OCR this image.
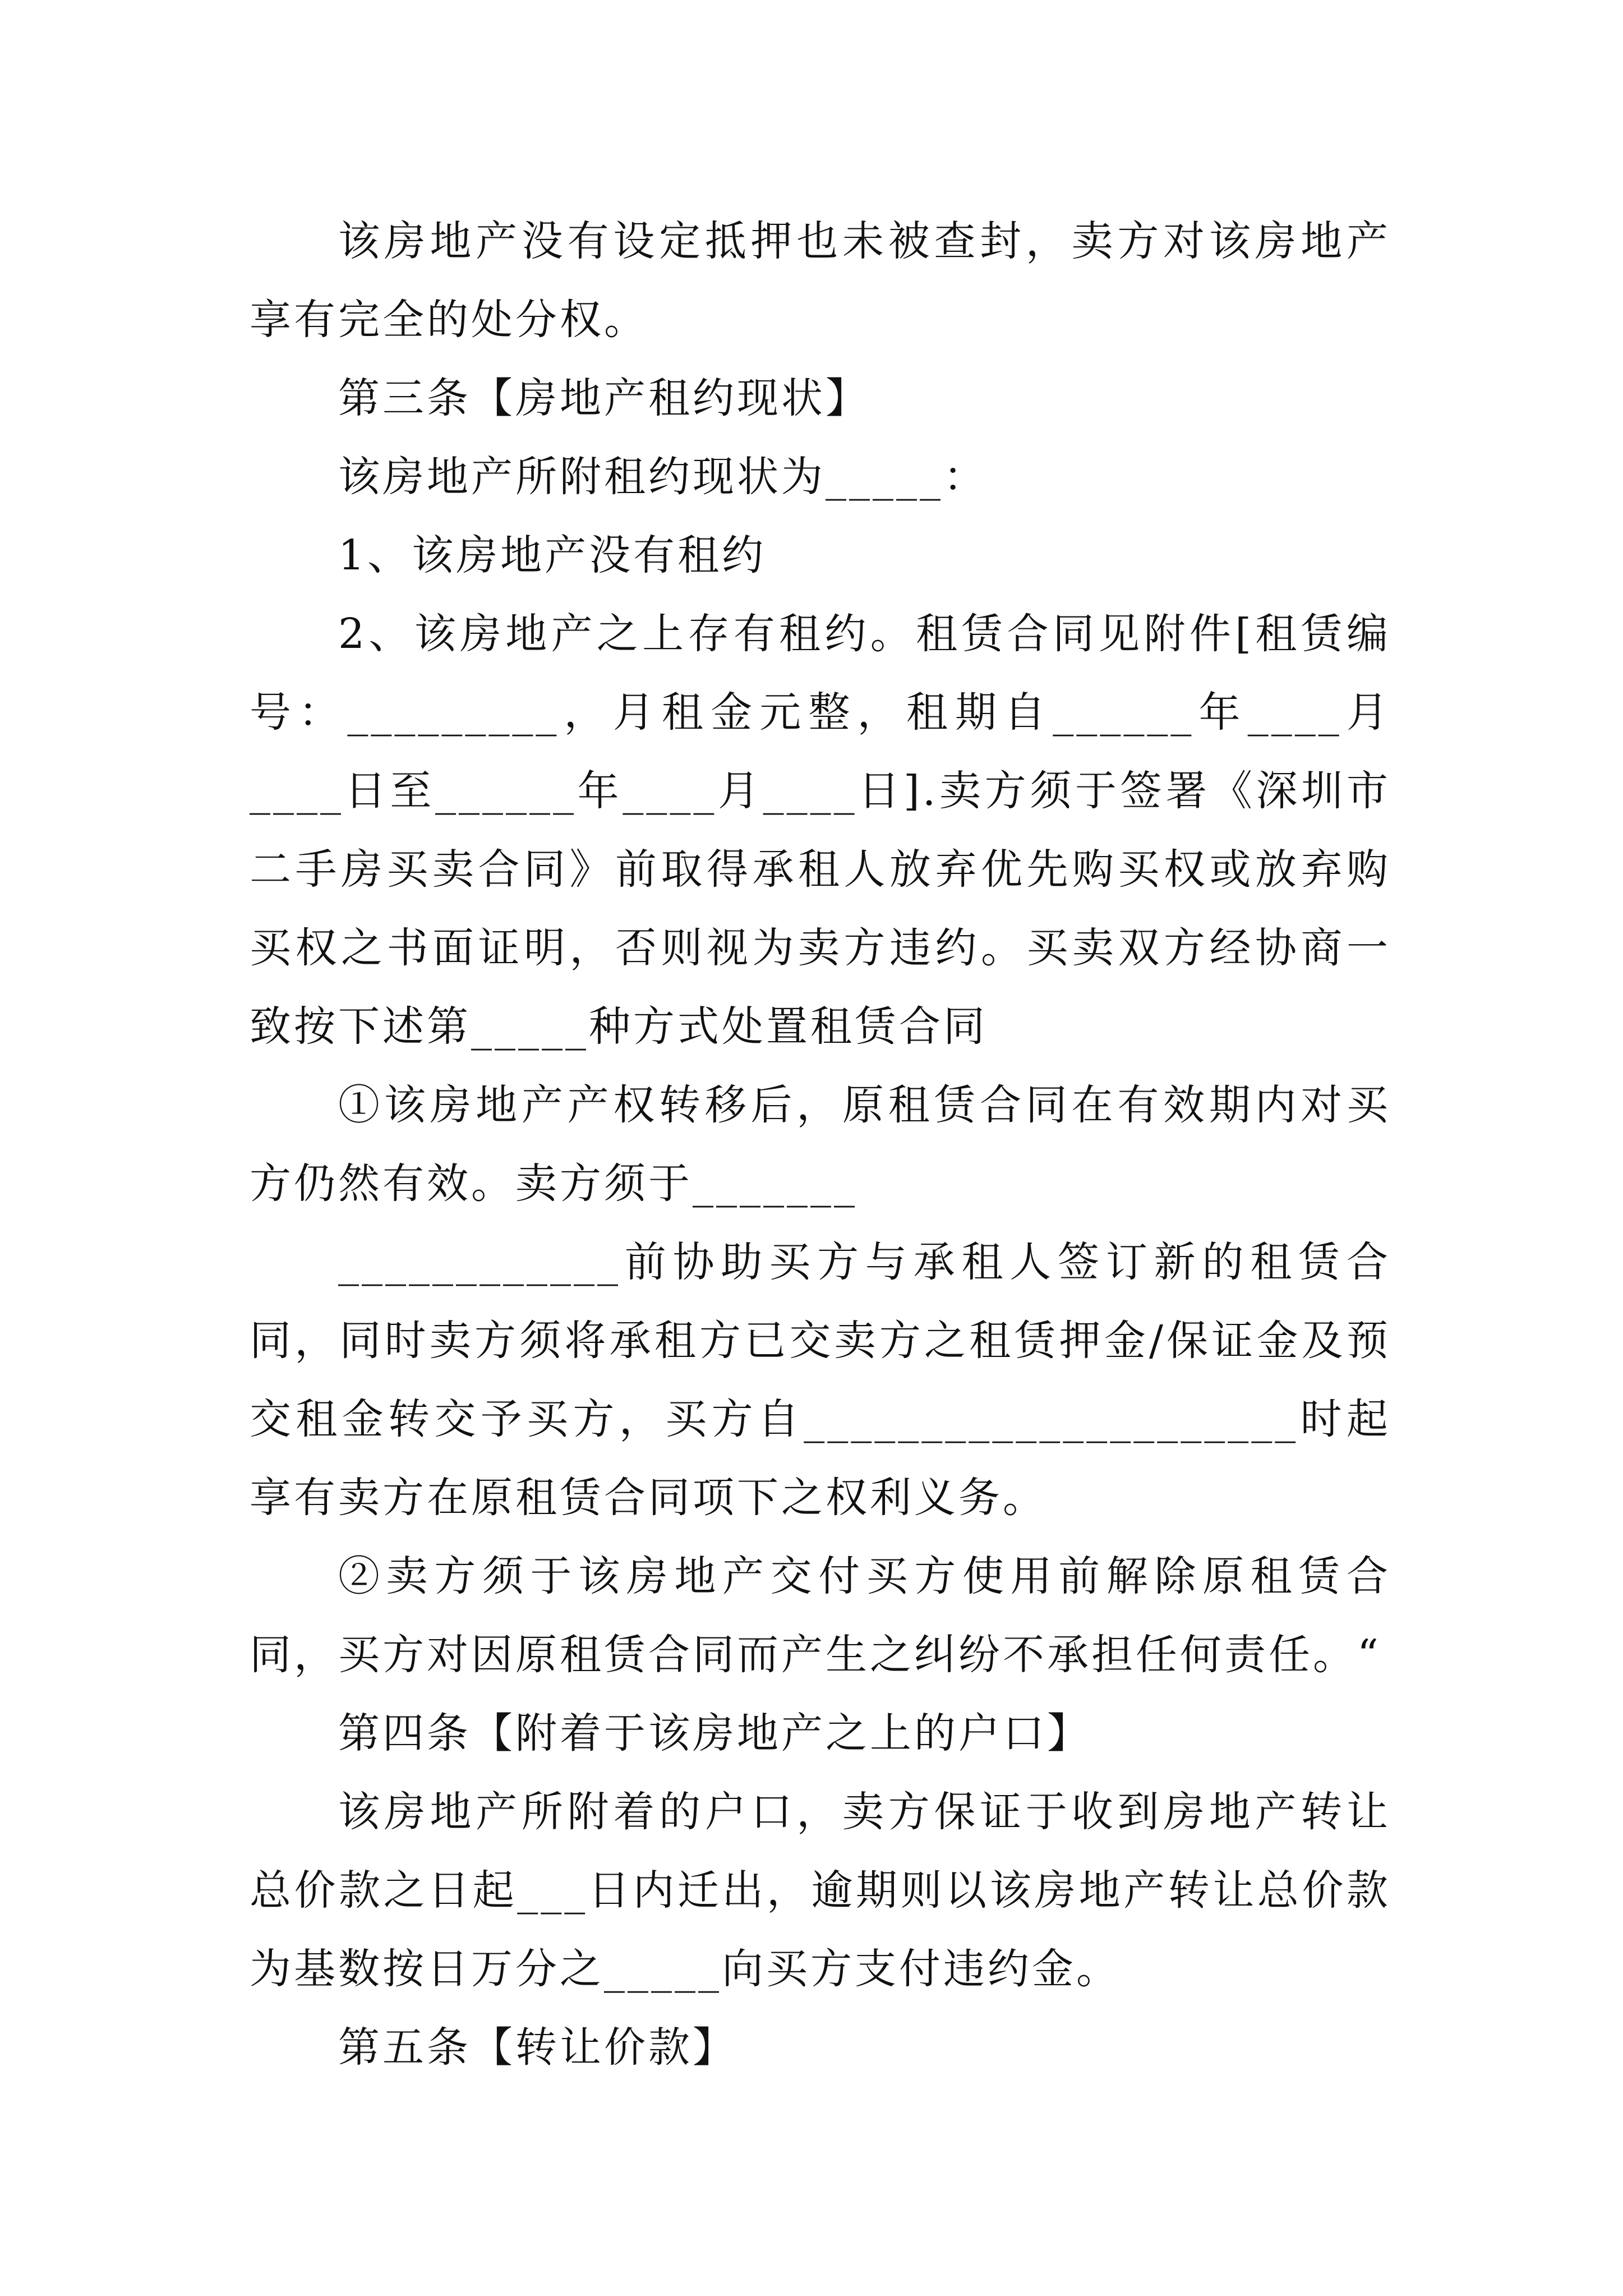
该房地产没有设定抵押也未被查封，卖方对该房地产享有完全的处分权。

第三条【房地产租约现状】

该房地产所附租约现状为_____：

1、该房地产没有租约

2、该房地产之上存有租约。租赁合同见附件[租赁编号：_________，月租金元整，租期自______年____月____日至______年____月____日].卖方须于签署《深圳市二手房买卖合同》前取得承租人放弃优先购买权或放弃购买权之书面证明，否则视为卖方违约。买卖双方经协商一致按下述第_____种方式处置租赁合同

①该房地产产权转移后，原租赁合同在有效期内对买方仍然有效。卖方须于_______

____________前协助买方与承租人签订新的租赁合同，同时卖方须将承租方已交卖方之租赁押金/保证金及预交租金转交予买方，买方自_____________________时起享有卖方在原租赁合同项下之权利义务。

②卖方须于该房地产交付买方使用前解除原租赁合同，买方对因原租赁合同而产生之纠纷不承担任何责任。“

第四条【附着于该房地产之上的户口】

该房地产所附着的户口，卖方保证于收到房地产转让总价款之日起___日内迁出，逾期则以该房地产转让总价款为基数按日万分之_____向买方支付违约金。

第五条【转让价款】
